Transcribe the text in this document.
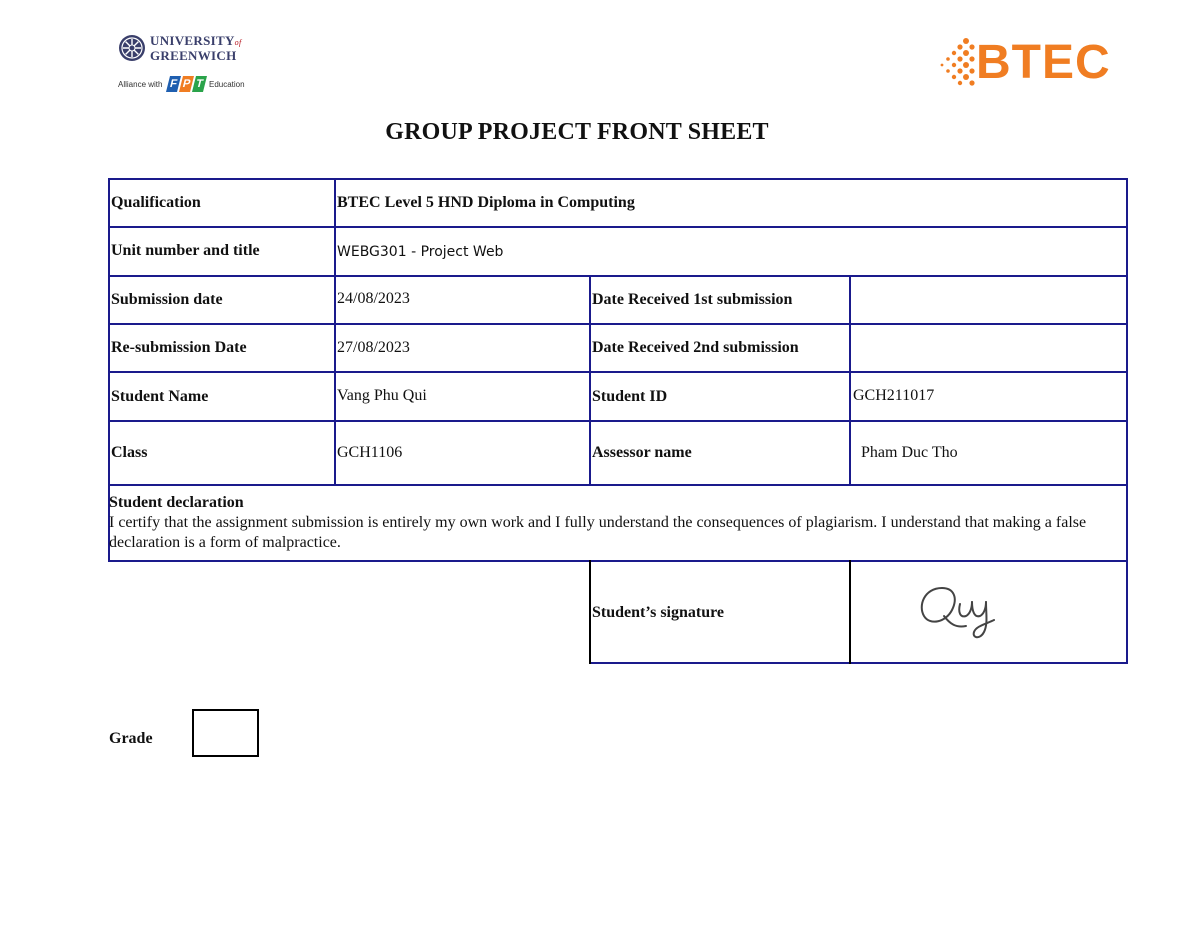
UNIVERSITYof
GREENWICH
Alliance with F P T Education	BTEC
GROUP PROJECT FRONT SHEET
Qualification	BTEC Level 5 HND Diploma in Computing
Unit number and title	WEBG301 - Project Web
Submission date	24/08/2023	Date Received 1st submission
Re-submission Date	27/08/2023	Date Received 2nd submission
Student Name	Vang Phu Qui	Student ID	GCH211017
Class	GCH1106	Assessor name	Pham Duc Tho
Student declaration
I certify that the assignment submission is entirely my own work and I fully understand the consequences of plagiarism. I understand that making a false declaration is a form of malpractice.
Student’s signature
Grade
